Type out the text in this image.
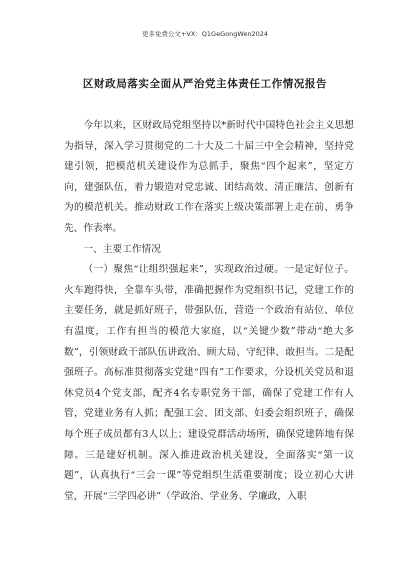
更多免费公文+VX：Q1GeGongWen2024
区财政局落实全面从严治党主体责任工作情况报告

今年以来，区财政局党组坚持以*新时代中国特色社会主义思想为指导，深入学习贯彻党的二十大及二十届三中全会精神，坚持党建引领，把模范机关建设作为总抓手，聚焦“四个起来”，坚定方向，建强队伍，着力锻造对党忠诚、团结高效、清正廉洁、创新有为的模范机关。推动财政工作在落实上级决策部署上走在前、勇争先、作表率。

一、主要工作情况

（一）聚焦“让组织强起来”，实现政治过硬。一是定好位子。火车跑得快，全靠车头带，准确把握作为党组织书记，党建工作的主要任务，就是抓好班子，带强队伍，营造一个政治有站位、单位有温度，工作有担当的模范大家庭，以“关键少数”带动“绝大多数”，引领财政干部队伍讲政治、顾大局、守纪律、敢担当。二是配强班子。高标准贯彻落实党建“四有”工作要求，分设机关党员和退休党员4个党支部，配齐4名专职党务干部，确保了党建工作有人管，党建业务有人抓；配强工会、团支部、妇委会组织班子，确保每个班子成员都有3人以上；建设党群活动场所，确保党建阵地有保障。三是建好机制。深入推进政治机关建设，全面落实“第一议题”，认真执行“三会一课”等党组织生活重要制度；设立初心大讲堂，开展“三学四必讲”（学政治、学业务、学廉政，入职
